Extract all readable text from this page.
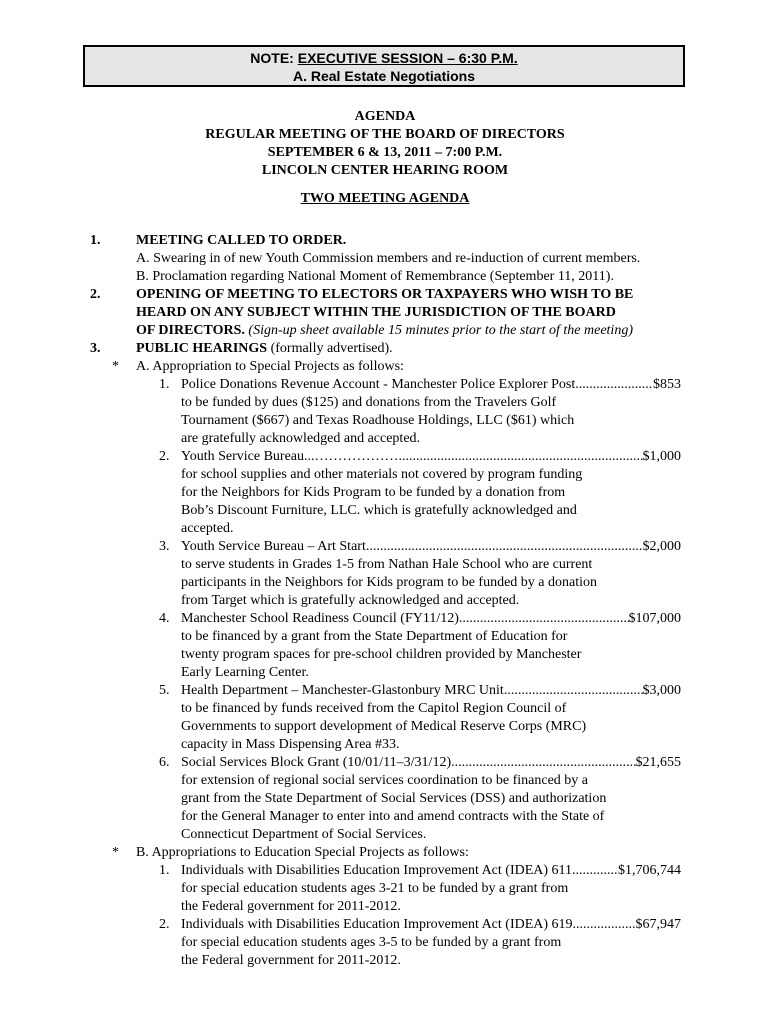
NOTE: EXECUTIVE SESSION – 6:30 P.M.
A. Real Estate Negotiations
AGENDA
REGULAR MEETING OF THE BOARD OF DIRECTORS
SEPTEMBER 6 & 13, 2011 – 7:00 P.M.
LINCOLN CENTER HEARING ROOM
TWO MEETING AGENDA
1.	MEETING CALLED TO ORDER.
A. Swearing in of new Youth Commission members and re-induction of current members.
B. Proclamation regarding National Moment of Remembrance (September 11, 2011).
2.	OPENING OF MEETING TO ELECTORS OR TAXPAYERS WHO WISH TO BE
HEARD ON ANY SUBJECT WITHIN THE JURISDICTION OF THE BOARD
OF DIRECTORS. (Sign-up sheet available 15 minutes prior to the start of the meeting)
3.	PUBLIC HEARINGS (formally advertised).
* A. Appropriation to Special Projects as follows:
1. Police Donations Revenue Account - Manchester Police Explorer Post .....	$853
to be funded by dues ($125) and donations from the Travelers Golf
Tournament ($667) and Texas Roadhouse Holdings, LLC ($61) which
are gratefully acknowledged and accepted.
2. Youth Service Bureau...……………… .....	$1,000
for school supplies and other materials not covered by program funding
for the Neighbors for Kids Program to be funded by a donation from
Bob’s Discount Furniture, LLC. which is gratefully acknowledged and
accepted.
3. Youth Service Bureau – Art Start .....	$2,000
to serve students in Grades 1-5 from Nathan Hale School who are current
participants in the Neighbors for Kids program to be funded by a donation
from Target which is gratefully acknowledged and accepted.
4. Manchester School Readiness Council (FY11/12) .....	$107,000
to be financed by a grant from the State Department of Education for
twenty program spaces for pre-school children provided by Manchester
Early Learning Center.
5. Health Department – Manchester-Glastonbury MRC Unit .....	$3,000
to be financed by funds received from the Capitol Region Council of
Governments to support development of Medical Reserve Corps (MRC)
capacity in Mass Dispensing Area #33.
6. Social Services Block Grant (10/01/11–3/31/12) .....	$21,655
for extension of regional social services coordination to be financed by a
grant from the State Department of Social Services (DSS) and authorization
for the General Manager to enter into and amend contracts with the State of
Connecticut Department of Social Services.
* B. Appropriations to Education Special Projects as follows:
1. Individuals with Disabilities Education Improvement Act (IDEA) 611 .....	$1,706,744
for special education students ages 3-21 to be funded by a grant from
the Federal government for 2011-2012.
2. Individuals with Disabilities Education Improvement Act (IDEA) 619 .....	$67,947
for special education students ages 3-5 to be funded by a grant from
the Federal government for 2011-2012.
